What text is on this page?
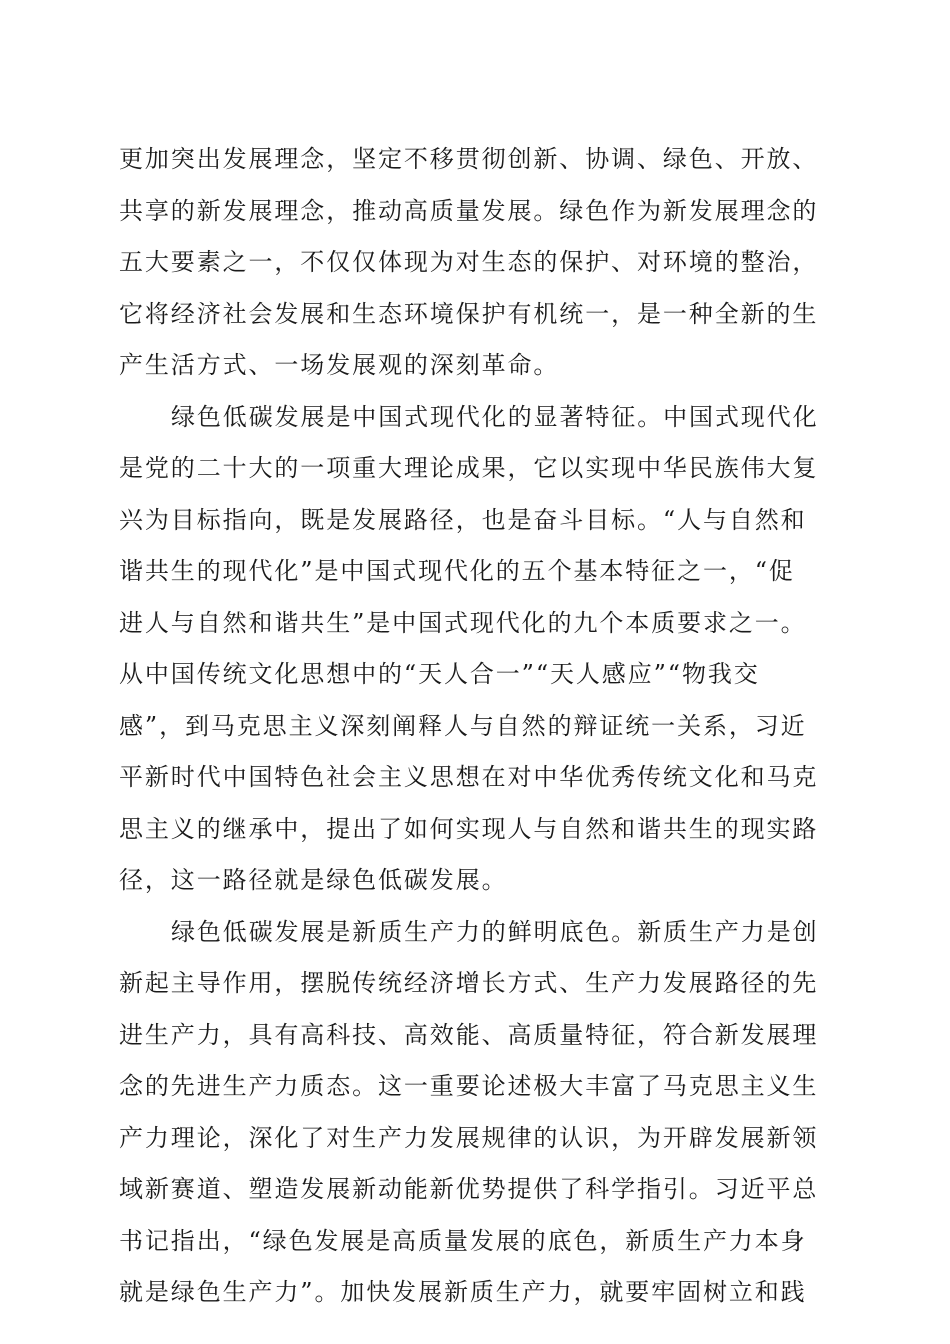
更加突出发展理念，坚定不移贯彻创新、协调、绿色、开放、
共享的新发展理念，推动高质量发展。绿色作为新发展理念的
五大要素之一，不仅仅体现为对生态的保护、对环境的整治，
它将经济社会发展和生态环境保护有机统一，是一种全新的生
产生活方式、一场发展观的深刻革命。
绿色低碳发展是中国式现代化的显著特征。中国式现代化
是党的二十大的一项重大理论成果，它以实现中华民族伟大复
兴为目标指向，既是发展路径，也是奋斗目标。“人与自然和
谐共生的现代化”是中国式现代化的五个基本特征之一，“促
进人与自然和谐共生”是中国式现代化的九个本质要求之一。
从中国传统文化思想中的“天人合一”“天人感应”“物我交
感”，到马克思主义深刻阐释人与自然的辩证统一关系，习近
平新时代中国特色社会主义思想在对中华优秀传统文化和马克
思主义的继承中，提出了如何实现人与自然和谐共生的现实路
径，这一路径就是绿色低碳发展。
绿色低碳发展是新质生产力的鲜明底色。新质生产力是创
新起主导作用，摆脱传统经济增长方式、生产力发展路径的先
进生产力，具有高科技、高效能、高质量特征，符合新发展理
念的先进生产力质态。这一重要论述极大丰富了马克思主义生
产力理论，深化了对生产力发展规律的认识，为开辟发展新领
域新赛道、塑造发展新动能新优势提供了科学指引。习近平总
书记指出，“绿色发展是高质量发展的底色，新质生产力本身
就是绿色生产力”。加快发展新质生产力，就要牢固树立和践
